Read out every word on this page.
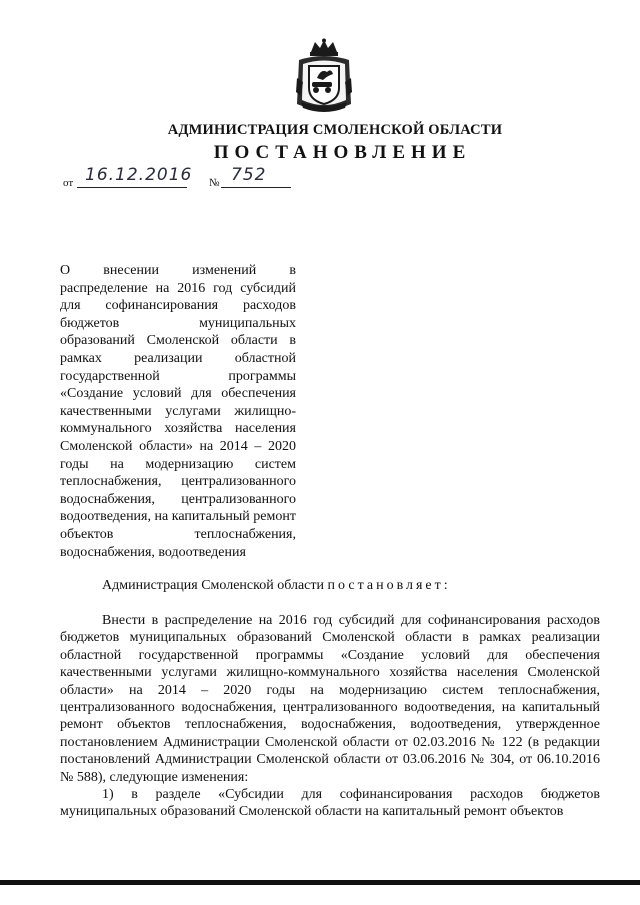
АДМИНИСТРАЦИЯ СМОЛЕНСКОЙ ОБЛАСТИ
ПОСТАНОВЛЕНИЕ
от 16.12.2016 № 752
О внесении изменений в распределение на 2016 год субсидий для софинансирования расходов бюджетов муниципальных образований Смоленской области в рамках реализации областной государственной программы «Создание условий для обеспечения качественными услугами жилищно-коммунального хозяйства населения Смоленской области» на 2014 – 2020 годы на модернизацию систем теплоснабжения, централизованного водоснабжения, централизованного водоотведения, на капитальный ремонт объектов теплоснабжения, водоснабжения, водоотведения
Администрация Смоленской области постановляет:

Внести в распределение на 2016 год субсидий для софинансирования расходов бюджетов муниципальных образований Смоленской области в рамках реализации областной государственной программы «Создание условий для обеспечения качественными услугами жилищно-коммунального хозяйства населения Смоленской области» на 2014 – 2020 годы на модернизацию систем теплоснабжения, централизованного водоснабжения, централизованного водоотведения, на капитальный ремонт объектов теплоснабжения, водоснабжения, водоотведения, утвержденное постановлением Администрации Смоленской области от 02.03.2016 № 122 (в редакции постановлений Администрации Смоленской области от 03.06.2016 № 304, от 06.10.2016 № 588), следующие изменения:

1) в разделе «Субсидии для софинансирования расходов бюджетов муниципальных образований Смоленской области на капитальный ремонт объектов
